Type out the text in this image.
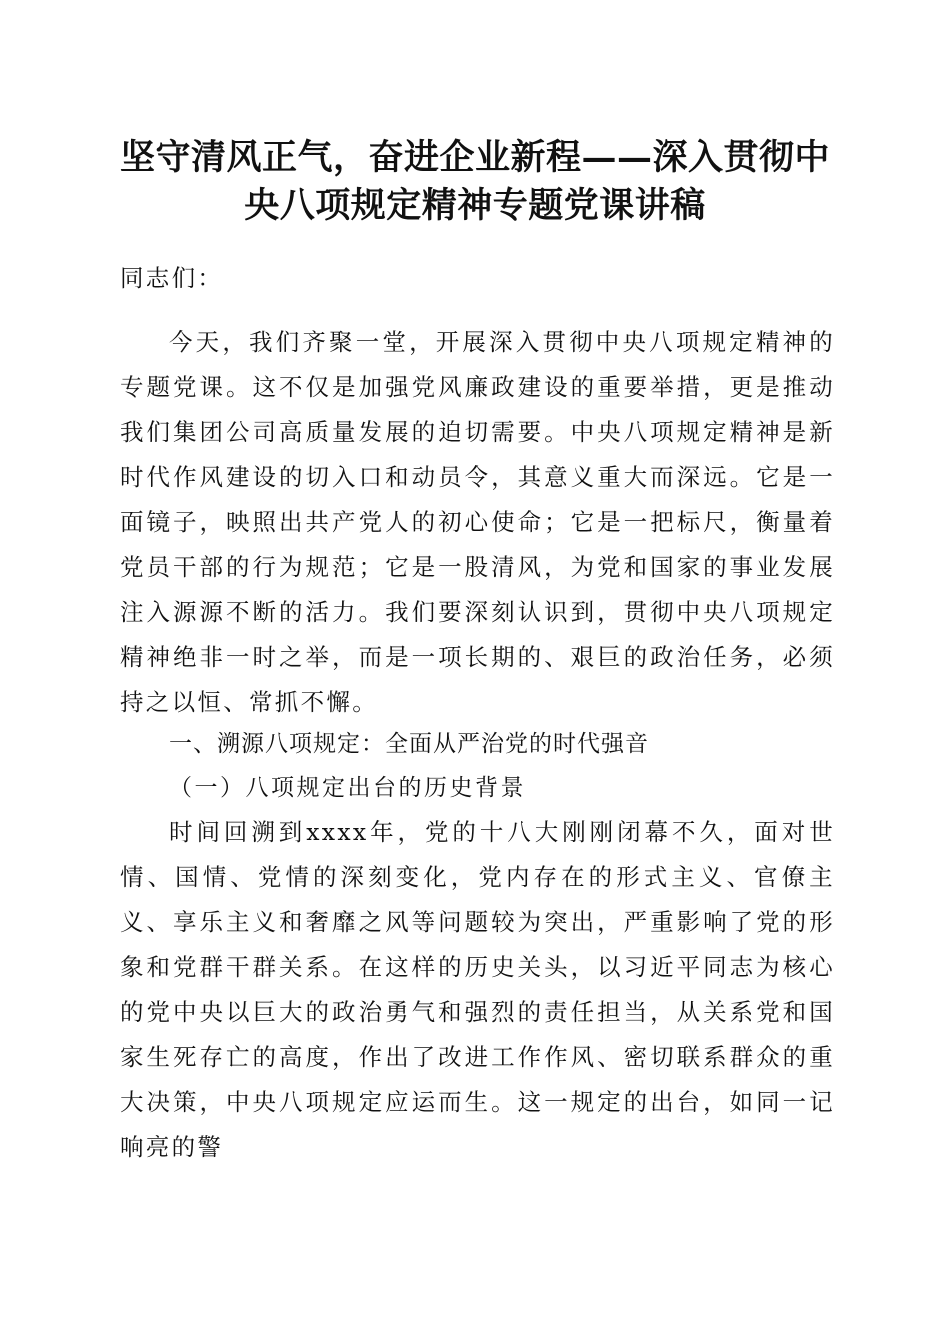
坚守清风正气，奋进企业新程——深入贯彻中
央八项规定精神专题党课讲稿
同志们：

今天，我们齐聚一堂，开展深入贯彻中央八项规定精神的专题党课。这不仅是加强党风廉政建设的重要举措，更是推动我们集团公司高质量发展的迫切需要。中央八项规定精神是新时代作风建设的切入口和动员令，其意义重大而深远。它是一面镜子，映照出共产党人的初心使命；它是一把标尺，衡量着党员干部的行为规范；它是一股清风，为党和国家的事业发展注入源源不断的活力。我们要深刻认识到，贯彻中央八项规定精神绝非一时之举，而是一项长期的、艰巨的政治任务，必须持之以恒、常抓不懈。

一、溯源八项规定：全面从严治党的时代强音
（一）八项规定出台的历史背景

时间回溯到xxxx年，党的十八大刚刚闭幕不久，面对世情、国情、党情的深刻变化，党内存在的形式主义、官僚主义、享乐主义和奢靡之风等问题较为突出，严重影响了党的形象和党群干群关系。在这样的历史关头，以习近平同志为核心的党中央以巨大的政治勇气和强烈的责任担当，从关系党和国家生死存亡的高度，作出了改进工作作风、密切联系群众的重大决策，中央八项规定应运而生。这一规定的出台，如同一记响亮的警
